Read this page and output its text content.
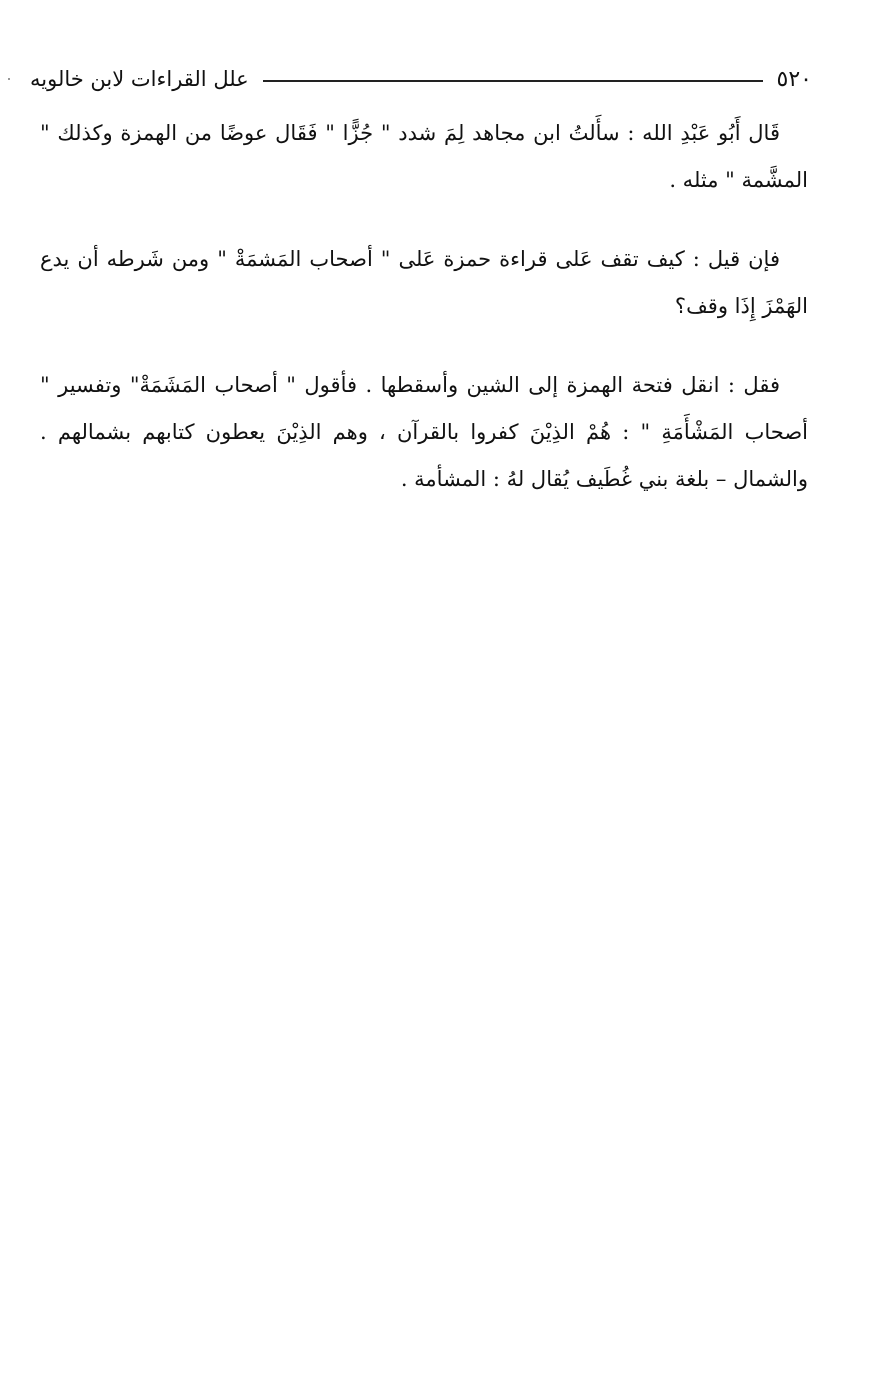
٥٢٠
علل القراءات لابن خالويه

قَال أَبُو عَبْدِ الله : سأَلتُ ابن مجاهد لِمَ شدد " جُزًّا " فَقَال عوضًا من الهمزة وكذلك " المشَّمة " مثله .

فإن قيل : كيف تقف عَلى قراءة حمزة عَلى " أصحاب المَشمَةْ " ومن شَرطه أن يدع الهَمْزَ إِذَا وقف؟

فقل : انقل فتحة الهمزة إلى الشين وأسقطها . فأقول " أصحاب المَشَمَةْ" وتفسير " أصحاب المَشْأَمَةِ " : هُمْ الذِيْنَ كفروا بالقرآن ، وهم الذِيْنَ يعطون كتابهم بشمالهم . والشمال – بلغة بني غُطَيف يُقال لهُ : المشأمة .
